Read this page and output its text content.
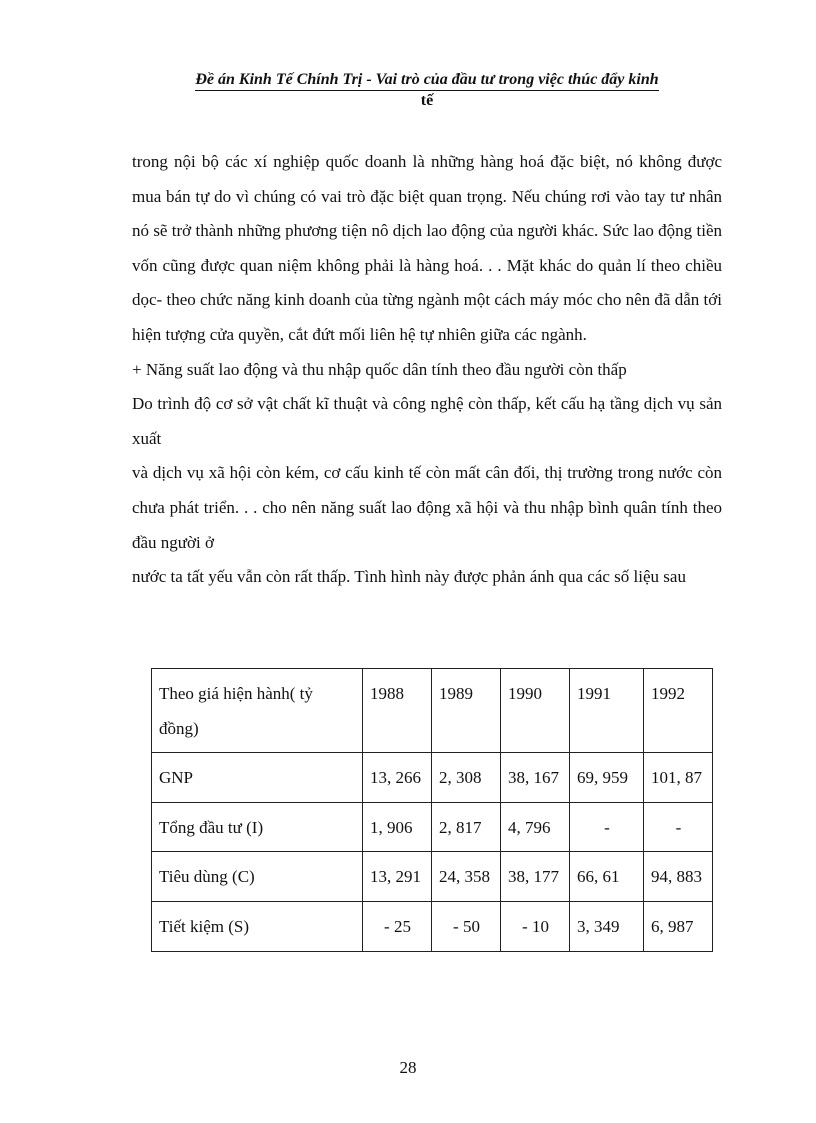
Đề án Kinh Tế Chính Trị - Vai trò của đầu tư trong việc thúc đẩy kinh
tế

trong nội bộ các xí nghiệp quốc doanh là những hàng hoá đặc biệt, nó không được mua bán tự do vì chúng có vai trò đặc biệt quan trọng. Nếu chúng rơi vào tay tư nhân nó sẽ trở thành những phương tiện nô dịch lao động của người khác. Sức lao động tiền vốn cũng được quan niệm không phải là hàng hoá. . . Mặt khác do quản lí theo chiều dọc- theo chức năng kinh doanh của từng ngành một cách máy móc cho nên đã dẫn tới hiện tượng cửa quyền, cắt đứt mối liên hệ tự nhiên giữa các ngành.

+ Năng suất lao động và thu nhập quốc dân tính theo đầu người còn thấp

Do trình độ cơ sở vật chất kĩ thuật và công nghệ còn thấp, kết cấu hạ tầng dịch vụ sản xuất

và dịch vụ xã hội còn kém, cơ cấu kinh tế còn mất cân đối, thị trường trong nước còn chưa phát triển. . . cho nên năng suất lao động xã hội và thu nhập bình quân tính theo đầu người ở

nước ta tất yếu vẫn còn rất thấp. Tình hình này được phản ánh qua các số liệu sau

Theo giá hiện hành( tỷ đồng)	1988	1989	1990	1991	1992
GNP	13, 266	2, 308	38, 167	69, 959	101, 87
Tổng đầu tư (I)	1, 906	2, 817	4, 796	-	-
Tiêu dùng (C)	13, 291	24, 358	38, 177	66, 61	94, 883
Tiết kiệm (S)	- 25	- 50	- 10	3, 349	6, 987
28
